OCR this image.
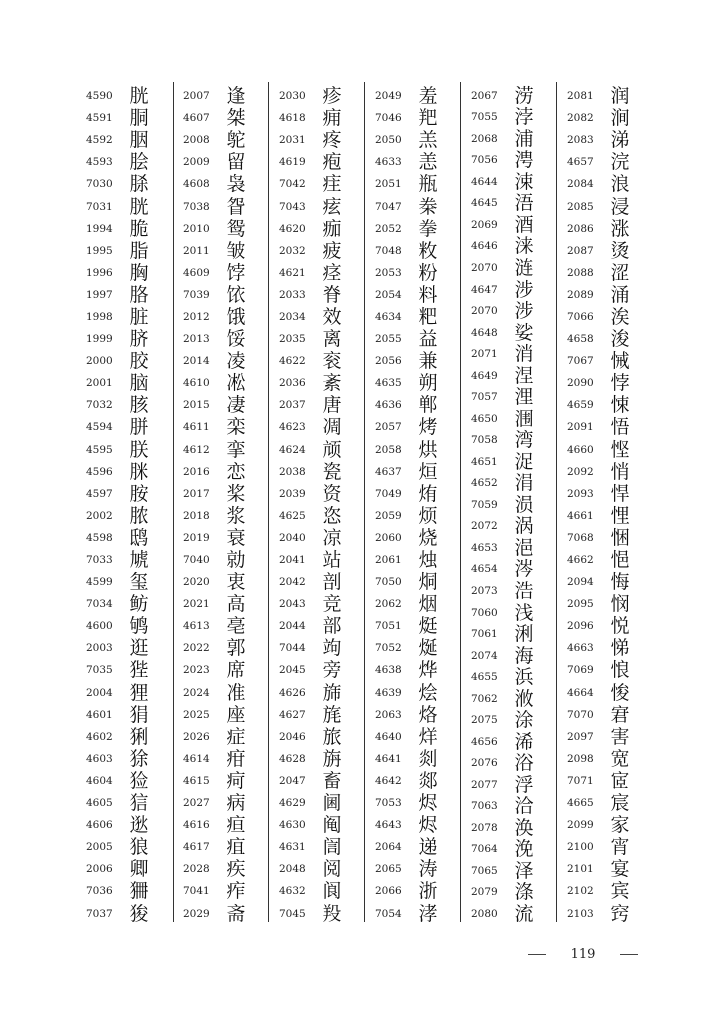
4590 胱
4591 胴
4592 胭
4593 脍
7030 脎
7031 胱
1994 脆
1995 脂
1996 胸
1997 胳
1998 脏
1999 脐
2000 胶
2001 脑
7032 胲
4594 胼
4595 朕
4596 脒
4597 胺
2002 脓
4598 鸱
7033 虓
4599 玺
7034 鲂
4600 鸲
2003 逛
7035 狴
2004 狸
4601 狷
4602 猁
4603 狳
4604 猃
4605 狺
4606 逖
2005 狼
2006 卿
7036 狦
7037 狻
2007 逢
4607 桀
2008 鸵
2009 留
4608 袅
7038 眢
2010 鸳
2011 皱
4609 饽
7039 饻
2012 饿
2013 馁
2014 凌
4610 凇
2015 凄
4611 栾
4612 挛
2016 恋
2017 桨
2018 浆
2019 衰
7040 勍
2020 衷
2021 高
4613 亳
2022 郭
2023 席
2024 准
2025 座
2026 症
4614 疳
4615 疴
2027 病
4616 疸
4617 疽
2028 疾
7041 痄
2029 斋
2030 疹
4618 痈
2031 疼
4619 疱
7042 疰
7043 痃
4620 痂
2032 疲
4621 痉
2033 脊
2034 效
2035 离
4622 衮
2036 紊
2037 唐
4623 凋
4624 颃
2038 瓷
2039 资
4625 恣
2040 凉
2041 站
2042 剖
2043 竞
2044 部
7044 竘
2045 旁
4626 旆
4627 旄
2046 旅
4628 旃
2047 畜
4629 阃
4630 阄
4631 訚
2048 阅
4632 阆
7045 羖
2049 羞
7046 羓
2050 羔
4633 恙
2051 瓶
7047 桊
2052 拳
7048 敉
2053 粉
2054 料
4634 粑
2055 益
2056 兼
4635 朔
4636 郸
2057 烤
2058 烘
4637 烜
7049 烠
2059 烦
2060 烧
2061 烛
7050 烔
2062 烟
7051 烶
7052 烻
4638 烨
4639 烩
2063 烙
4640 烊
4641 剡
4642 郯
7053 烬
4643 烬
2064 递
2065 涛
2066 浙
7054 涍
2067 涝
7055 浡
2068 浦
7056 涄
4644 涑
4645 浯
2069 酒
4646 涞
2070 涟
4647 涉
2070 涉
4648 娑
2071 消
4649 涅
7057 浬
4650 涠
7058 湾
4651 浞
4652 涓
7059 涢
2072 涡
4653 浥
4654 涔
2073 浩
7060 浅
7061 浰
2074 海
4655 浜
7062 浟
2075 涂
4656 浠
2076 浴
2077 浮
7063 洽
2078 涣
7064 浼
7065 泽
2079 涤
2080 流
2081 润
2082 涧
2083 涕
4657 浣
2084 浪
2085 浸
2086 涨
2087 烫
2088 涩
2089 涌
7066 涘
4658 浚
7067 悈
2090 悖
4659 悚
2091 悟
4660 悭
2092 悄
2093 悍
4661 悝
7068 悃
4662 悒
2094 悔
2095 悯
2096 悦
4663 悌
7069 悢
4664 悛
7070 宭
2097 害
2098 宽
7071 宧
4665 宸
2099 家
2100 宵
2101 宴
2102 宾
2103 窍
119
